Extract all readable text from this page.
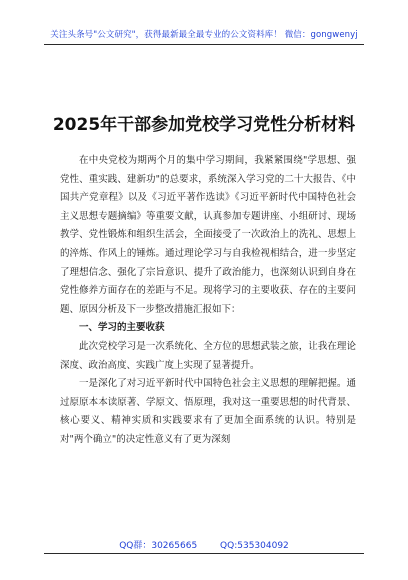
关注头条号"公文研究"，获得最新最全最专业的公文资料库！ 微信：gongwenyj
2025年干部参加党校学习党性分析材料

在中央党校为期两个月的集中学习期间，我紧紧围绕"学思想、强党性、重实践、建新功"的总要求，系统深入学习党的二十大报告、《中国共产党章程》以及《习近平著作选读》《习近平新时代中国特色社会主义思想专题摘编》等重要文献，认真参加专题讲座、小组研讨、现场教学、党性锻炼和组织生活会，全面接受了一次政治上的洗礼、思想上的淬炼、作风上的锤炼。通过理论学习与自我检视相结合，进一步坚定了理想信念、强化了宗旨意识、提升了政治能力，也深刻认识到自身在党性修养方面存在的差距与不足。现将学习的主要收获、存在的主要问题、原因分析及下一步整改措施汇报如下：

一、学习的主要收获

此次党校学习是一次系统化、全方位的思想武装之旅，让我在理论深度、政治高度、实践广度上实现了显著提升。

一是深化了对习近平新时代中国特色社会主义思想的理解把握。通过原原本本读原著、学原文、悟原理，我对这一重要思想的时代背景、核心要义、精神实质和实践要求有了更加全面系统的认识。特别是对"两个确立"的决定性意义有了更为深刻

QQ群：30265665	QQ:535304092
